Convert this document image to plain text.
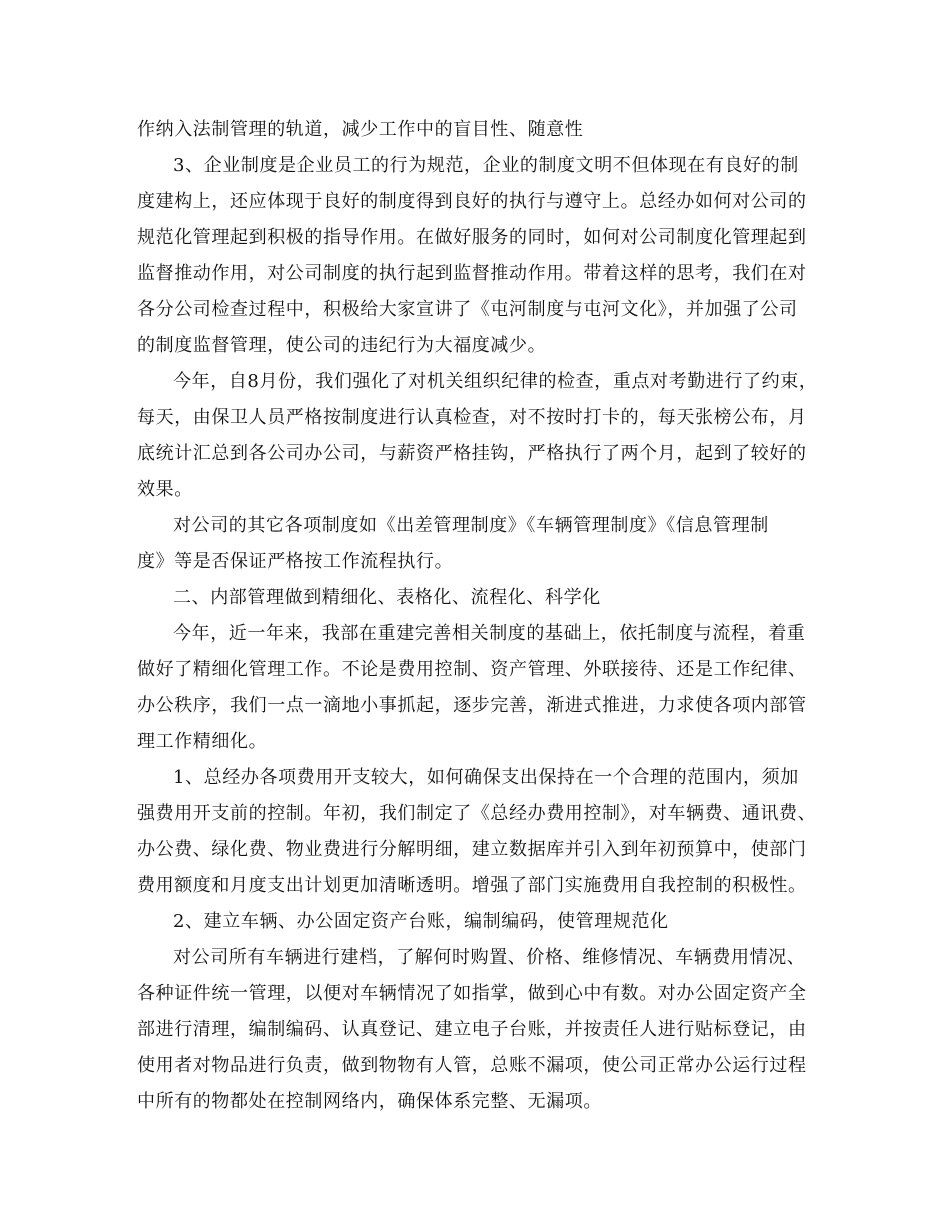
作纳入法制管理的轨道，减少工作中的盲目性、随意性
3、企业制度是企业员工的行为规范，企业的制度文明不但体现在有良好的制
度建构上，还应体现于良好的制度得到良好的执行与遵守上。总经办如何对公司的
规范化管理起到积极的指导作用。在做好服务的同时，如何对公司制度化管理起到
监督推动作用，对公司制度的执行起到监督推动作用。带着这样的思考，我们在对
各分公司检查过程中，积极给大家宣讲了《屯河制度与屯河文化》，并加强了公司
的制度监督管理，使公司的违纪行为大福度减少。
今年，自8月份，我们强化了对机关组织纪律的检查，重点对考勤进行了约束，
每天，由保卫人员严格按制度进行认真检查，对不按时打卡的，每天张榜公布，月
底统计汇总到各公司办公司，与薪资严格挂钩，严格执行了两个月，起到了较好的
效果。
对公司的其它各项制度如《出差管理制度》《车辆管理制度》《信息管理制
度》等是否保证严格按工作流程执行。
二、内部管理做到精细化、表格化、流程化、科学化
今年，近一年来，我部在重建完善相关制度的基础上，依托制度与流程，着重
做好了精细化管理工作。不论是费用控制、资产管理、外联接待、还是工作纪律、
办公秩序，我们一点一滴地小事抓起，逐步完善，渐进式推进，力求使各项内部管
理工作精细化。
1、总经办各项费用开支较大，如何确保支出保持在一个合理的范围内，须加
强费用开支前的控制。年初，我们制定了《总经办费用控制》，对车辆费、通讯费、
办公费、绿化费、物业费进行分解明细，建立数据库并引入到年初预算中，使部门
费用额度和月度支出计划更加清晰透明。增强了部门实施费用自我控制的积极性。
2、建立车辆、办公固定资产台账，编制编码，使管理规范化
对公司所有车辆进行建档，了解何时购置、价格、维修情况、车辆费用情况、
各种证件统一管理，以便对车辆情况了如指掌，做到心中有数。对办公固定资产全
部进行清理，编制编码、认真登记、建立电子台账，并按责任人进行贴标登记，由
使用者对物品进行负责，做到物物有人管，总账不漏项，使公司正常办公运行过程
中所有的物都处在控制网络内，确保体系完整、无漏项。
